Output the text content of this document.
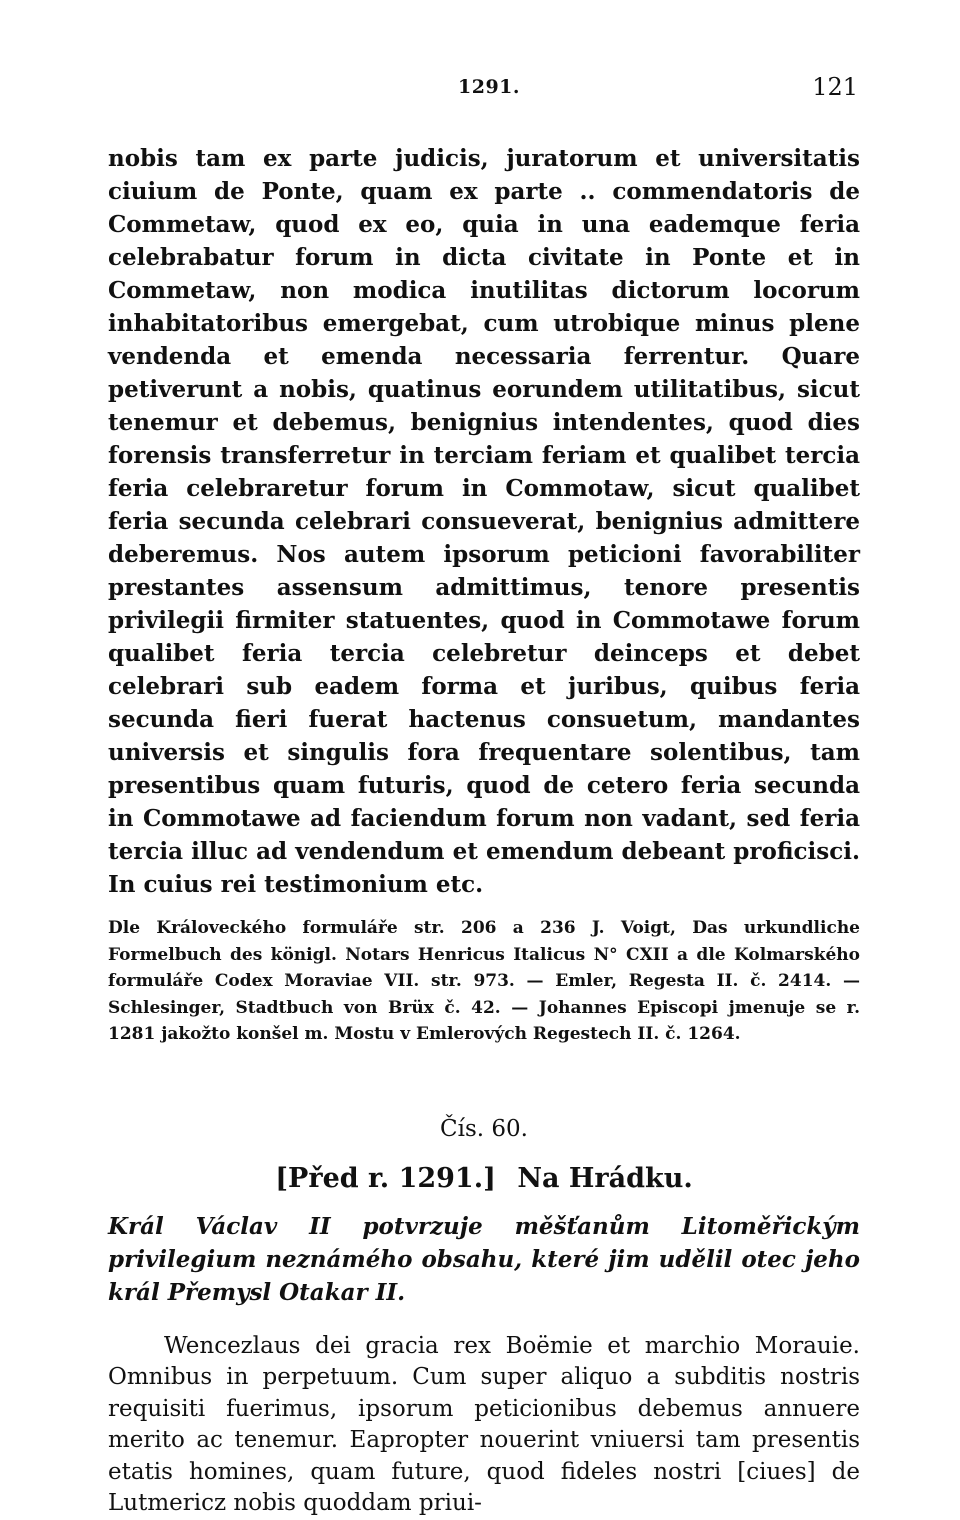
1291.	121

nobis tam ex parte judicis, juratorum et universitatis ciuium de Ponte, quam ex parte .. commendatoris de Commetaw, quod ex eo, quia in una eademque feria celebrabatur forum in dicta civitate in Ponte et in Commetaw, non modica inutilitas dictorum locorum inhabitatoribus emergebat, cum utrobique minus plene vendenda et emenda necessaria ferrentur. Quare petiverunt a nobis, quatinus eorundem utilitatibus, sicut tenemur et debemus, benignius intendentes, quod dies forensis transferretur in terciam feriam et qualibet tercia feria celebraretur forum in Commotaw, sicut qualibet feria secunda celebrari consueverat, benignius admittere deberemus. Nos autem ipsorum peticioni favorabiliter prestantes assensum admittimus, tenore presentis privilegii firmiter statuentes, quod in Commotawe forum qualibet feria tercia celebretur deinceps et debet celebrari sub eadem forma et juribus, quibus feria secunda fieri fuerat hactenus consuetum, mandantes universis et singulis fora frequentare solentibus, tam presentibus quam futuris, quod de cetero feria secunda in Commotawe ad faciendum forum non vadant, sed feria tercia illuc ad vendendum et emendum debeant proficisci. In cuius rei testimonium etc.

Dle Královeckého formuláře str. 206 a 236 J. Voigt, Das urkundliche Formelbuch des königl. Notars Henricus Italicus N° CXII a dle Kolmarského formuláře Codex Moraviae VII. str. 973. — Emler, Regesta II. č. 2414. — Schlesinger, Stadtbuch von Brüx č. 42. — Johannes Episcopi jmenuje se r. 1281 jakožto konšel m. Mostu v Emlerových Regestech II. č. 1264.

Čís. 60.
[Před r. 1291.] Na Hrádku.
Král Václav II potvrzuje měšťanům Litoměřickým privilegium neznámého obsahu, které jim udělil otec jeho král Přemysl Otakar II.

Wencezlaus dei gracia rex Boëmie et marchio Morauie. Omnibus in perpetuum. Cum super aliquo a subditis nostris requisiti fuerimus, ipsorum peticionibus debemus annuere merito ac tenemur. Eapropter nouerint vniuersi tam presentis etatis homines, quam future, quod fideles nostri [ciues] de Lutmericz nobis quoddam priui-
